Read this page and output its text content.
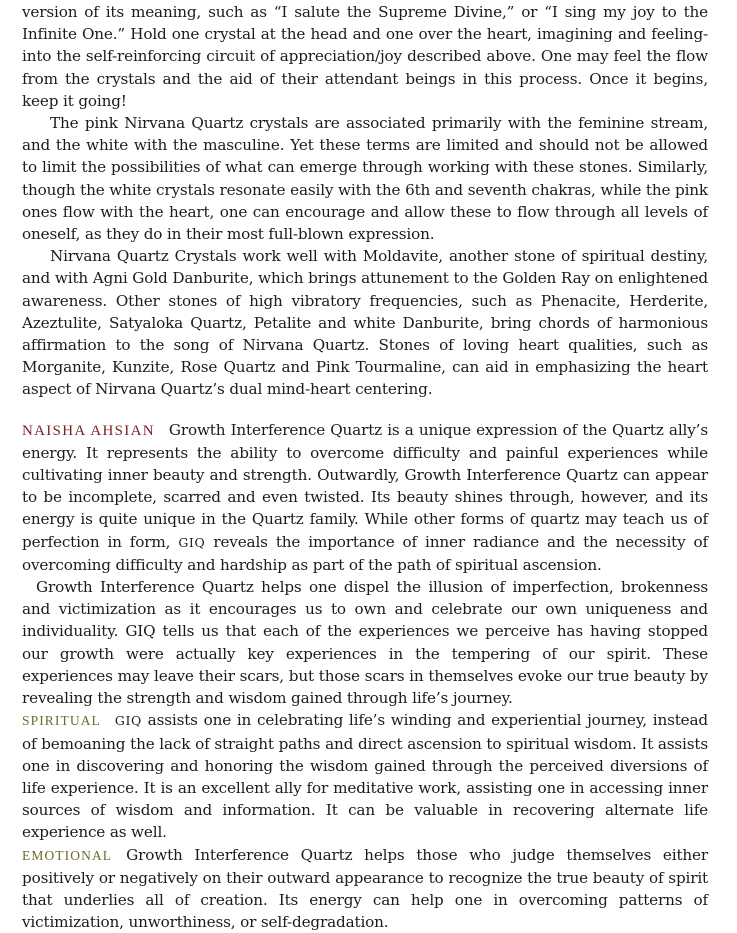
version of its meaning, such as “I salute the Supreme Divine,” or “I sing my joy to the Infinite One.” Hold one crystal at the head and one over the heart, imagining and feeling-into the self-reinforcing circuit of appreciation/joy described above. One may feel the flow from the crystals and the aid of their attendant beings in this process. Once it begins, keep it going!

The pink Nirvana Quartz crystals are associated primarily with the feminine stream, and the white with the masculine. Yet these terms are limited and should not be allowed to limit the possibilities of what can emerge through working with these stones. Similarly, though the white crystals resonate easily with the 6th and seventh chakras, while the pink ones flow with the heart, one can encourage and allow these to flow through all levels of oneself, as they do in their most full-blown expression.

Nirvana Quartz Crystals work well with Moldavite, another stone of spiritual destiny, and with Agni Gold Danburite, which brings attunement to the Golden Ray on enlightened awareness. Other stones of high vibratory frequencies, such as Phenacite, Herderite, Azeztulite, Satyaloka Quartz, Petalite and white Danburite, bring chords of harmonious affirmation to the song of Nirvana Quartz. Stones of loving heart qualities, such as Morganite, Kunzite, Rose Quartz and Pink Tourmaline, can aid in emphasizing the heart aspect of Nirvana Quartz’s dual mind-heart centering.

NAISHA AHSIAN Growth Interference Quartz is a unique expression of the Quartz ally’s energy. It represents the ability to overcome difficulty and painful experiences while cultivating inner beauty and strength. Outwardly, Growth Interference Quartz can appear to be incomplete, scarred and even twisted. Its beauty shines through, however, and its energy is quite unique in the Quartz family. While other forms of quartz may teach us of perfection in form, GIQ reveals the importance of inner radiance and the necessity of overcoming difficulty and hardship as part of the path of spiritual ascension.

Growth Interference Quartz helps one dispel the illusion of imperfection, brokenness and victimization as it encourages us to own and celebrate our own uniqueness and individuality. GIQ tells us that each of the experiences we perceive has having stopped our growth were actually key experiences in the tempering of our spirit. These experiences may leave their scars, but those scars in themselves evoke our true beauty by revealing the strength and wisdom gained through life’s journey.

SPIRITUAL GIQ assists one in celebrating life’s winding and experiential journey, instead of bemoaning the lack of straight paths and direct ascension to spiritual wisdom. It assists one in discovering and honoring the wisdom gained through the perceived diversions of life experience. It is an excellent ally for meditative work, assisting one in accessing inner sources of wisdom and information. It can be valuable in recovering alternate life experience as well.

EMOTIONAL Growth Interference Quartz helps those who judge themselves either positively or negatively on their outward appearance to recognize the true beauty of spirit that underlies all of creation. Its energy can help one in overcoming patterns of victimization, unworthiness, or self-degradation.
